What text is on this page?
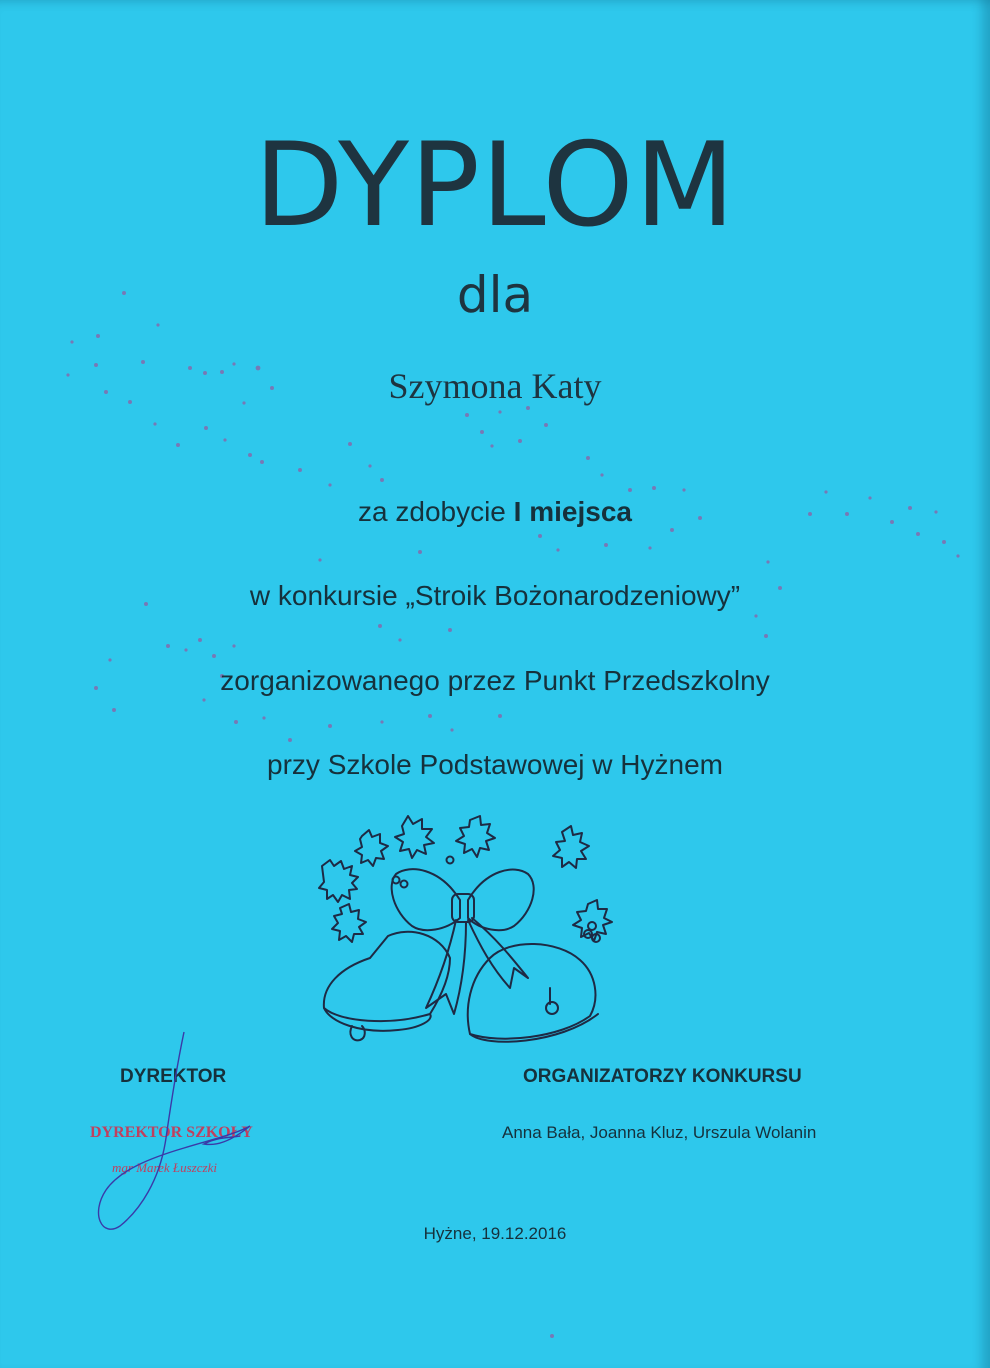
DYPLOM
dla
Szymona Katy
za zdobycie I miejsca
w konkursie „Stroik Bożonarodzeniowy”
zorganizowanego przez Punkt Przedszkolny
przy Szkole Podstawowej w Hyżnem
DYREKTOR
DYREKTOR SZKOŁY
mgr Marek Łuszczki
ORGANIZATORZY KONKURSU
Anna Bała, Joanna Kluz, Urszula Wolanin
Hyżne, 19.12.2016
